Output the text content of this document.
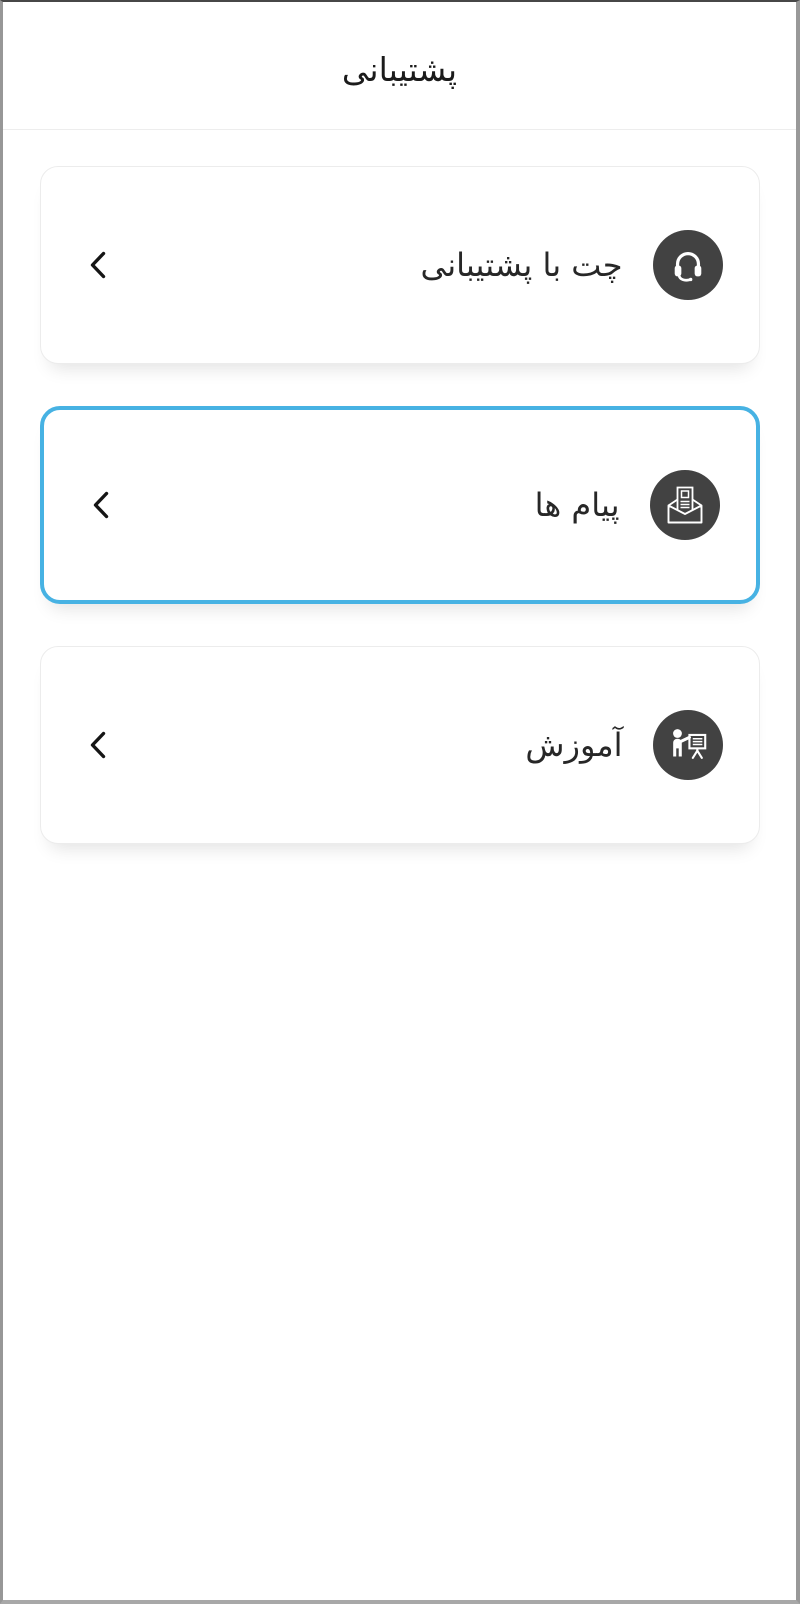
پشتیبانی
چت با پشتیبانی
پیام ها
آموزش
